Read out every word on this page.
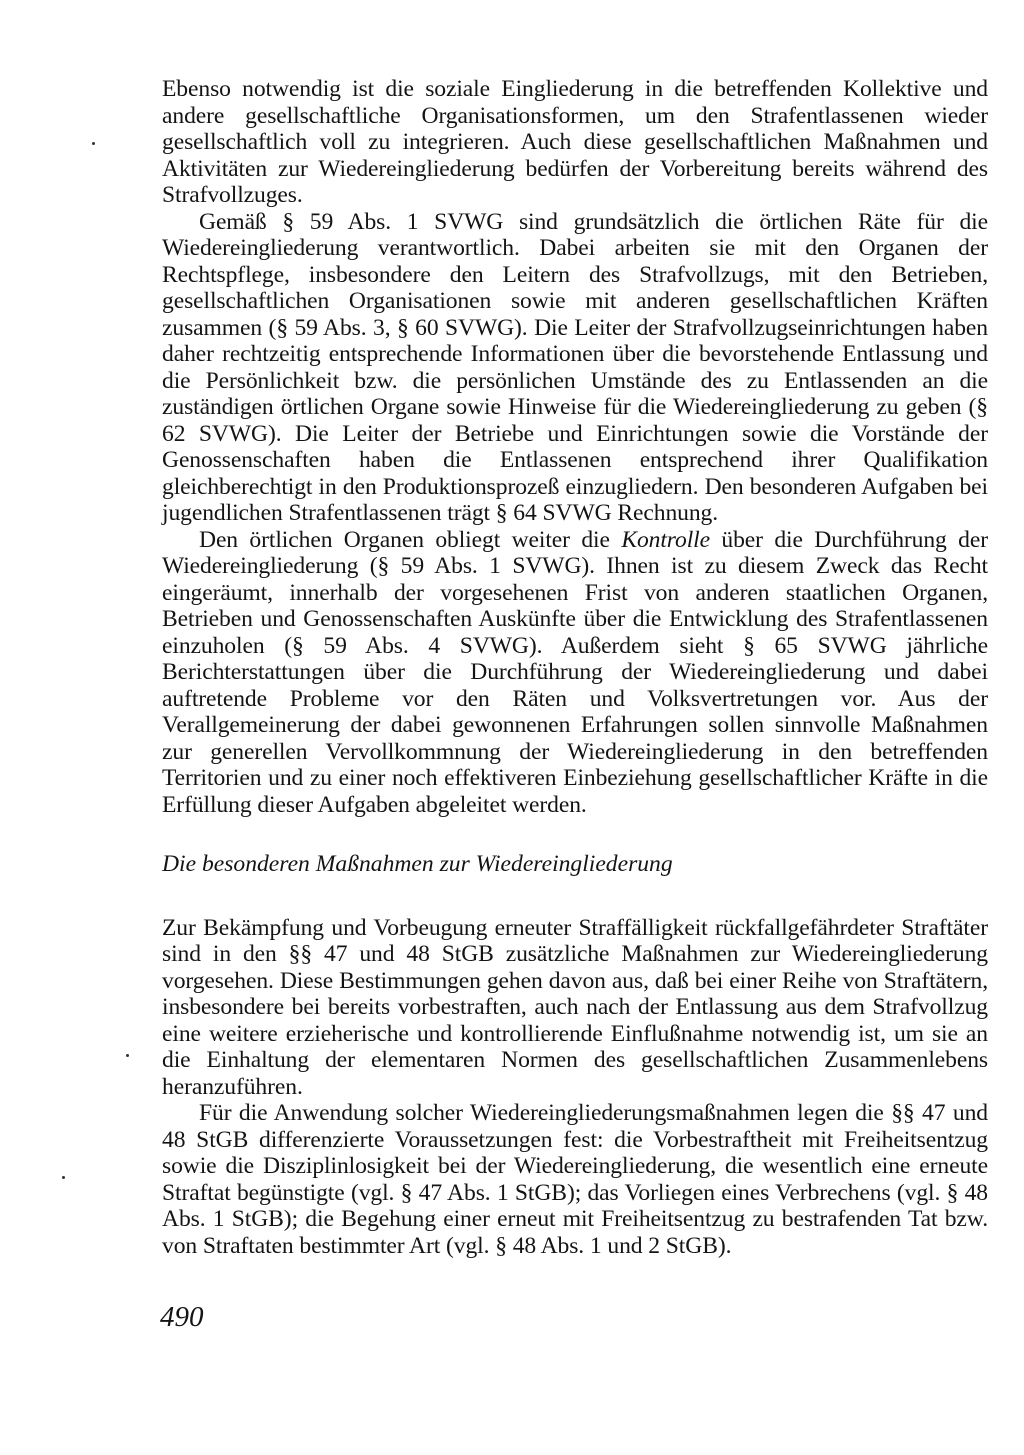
Ebenso notwendig ist die soziale Eingliederung in die betreffenden Kollektive und andere gesellschaftliche Organisationsformen, um den Strafentlassenen wieder gesellschaftlich voll zu integrieren. Auch diese gesellschaftlichen Maßnahmen und Aktivitäten zur Wiedereingliederung bedürfen der Vorbereitung bereits während des Strafvollzuges.

Gemäß § 59 Abs. 1 SVWG sind grundsätzlich die örtlichen Räte für die Wiedereingliederung verantwortlich. Dabei arbeiten sie mit den Organen der Rechtspflege, insbesondere den Leitern des Strafvollzugs, mit den Betrieben, gesellschaftlichen Organisationen sowie mit anderen gesellschaftlichen Kräften zusammen (§ 59 Abs. 3, § 60 SVWG). Die Leiter der Strafvollzugseinrichtungen haben daher rechtzeitig entsprechende Informationen über die bevorstehende Entlassung und die Persönlichkeit bzw. die persönlichen Umstände des zu Entlassenden an die zuständigen örtlichen Organe sowie Hinweise für die Wiedereingliederung zu geben (§ 62 SVWG). Die Leiter der Betriebe und Einrichtungen sowie die Vorstände der Genossenschaften haben die Entlassenen entsprechend ihrer Qualifikation gleichberechtigt in den Produktionsprozeß einzugliedern. Den besonderen Aufgaben bei jugendlichen Strafentlassenen trägt § 64 SVWG Rechnung.

Den örtlichen Organen obliegt weiter die Kontrolle über die Durchführung der Wiedereingliederung (§ 59 Abs. 1 SVWG). Ihnen ist zu diesem Zweck das Recht eingeräumt, innerhalb der vorgesehenen Frist von anderen staatlichen Organen, Betrieben und Genossenschaften Auskünfte über die Entwicklung des Strafentlassenen einzuholen (§ 59 Abs. 4 SVWG). Außerdem sieht § 65 SVWG jährliche Berichterstattungen über die Durchführung der Wiedereingliederung und dabei auftretende Probleme vor den Räten und Volksvertretungen vor. Aus der Verallgemeinerung der dabei gewonnenen Erfahrungen sollen sinnvolle Maßnahmen zur generellen Vervollkommnung der Wiedereingliederung in den betreffenden Territorien und zu einer noch effektiveren Einbeziehung gesellschaftlicher Kräfte in die Erfüllung dieser Aufgaben abgeleitet werden.

Die besonderen Maßnahmen zur Wiedereingliederung

Zur Bekämpfung und Vorbeugung erneuter Straffälligkeit rückfallgefährdeter Straftäter sind in den §§ 47 und 48 StGB zusätzliche Maßnahmen zur Wiedereingliederung vorgesehen. Diese Bestimmungen gehen davon aus, daß bei einer Reihe von Straftätern, insbesondere bei bereits vorbestraften, auch nach der Entlassung aus dem Strafvollzug eine weitere erzieherische und kontrollierende Einflußnahme notwendig ist, um sie an die Einhaltung der elementaren Normen des gesellschaftlichen Zusammenlebens heranzuführen.

Für die Anwendung solcher Wiedereingliederungsmaßnahmen legen die §§ 47 und 48 StGB differenzierte Voraussetzungen fest: die Vorbestraftheit mit Freiheitsentzug sowie die Disziplinlosigkeit bei der Wiedereingliederung, die wesentlich eine erneute Straftat begünstigte (vgl. § 47 Abs. 1 StGB); das Vorliegen eines Verbrechens (vgl. § 48 Abs. 1 StGB); die Begehung einer erneut mit Freiheitsentzug zu bestrafenden Tat bzw. von Straftaten bestimmter Art (vgl. § 48 Abs. 1 und 2 StGB).

490
